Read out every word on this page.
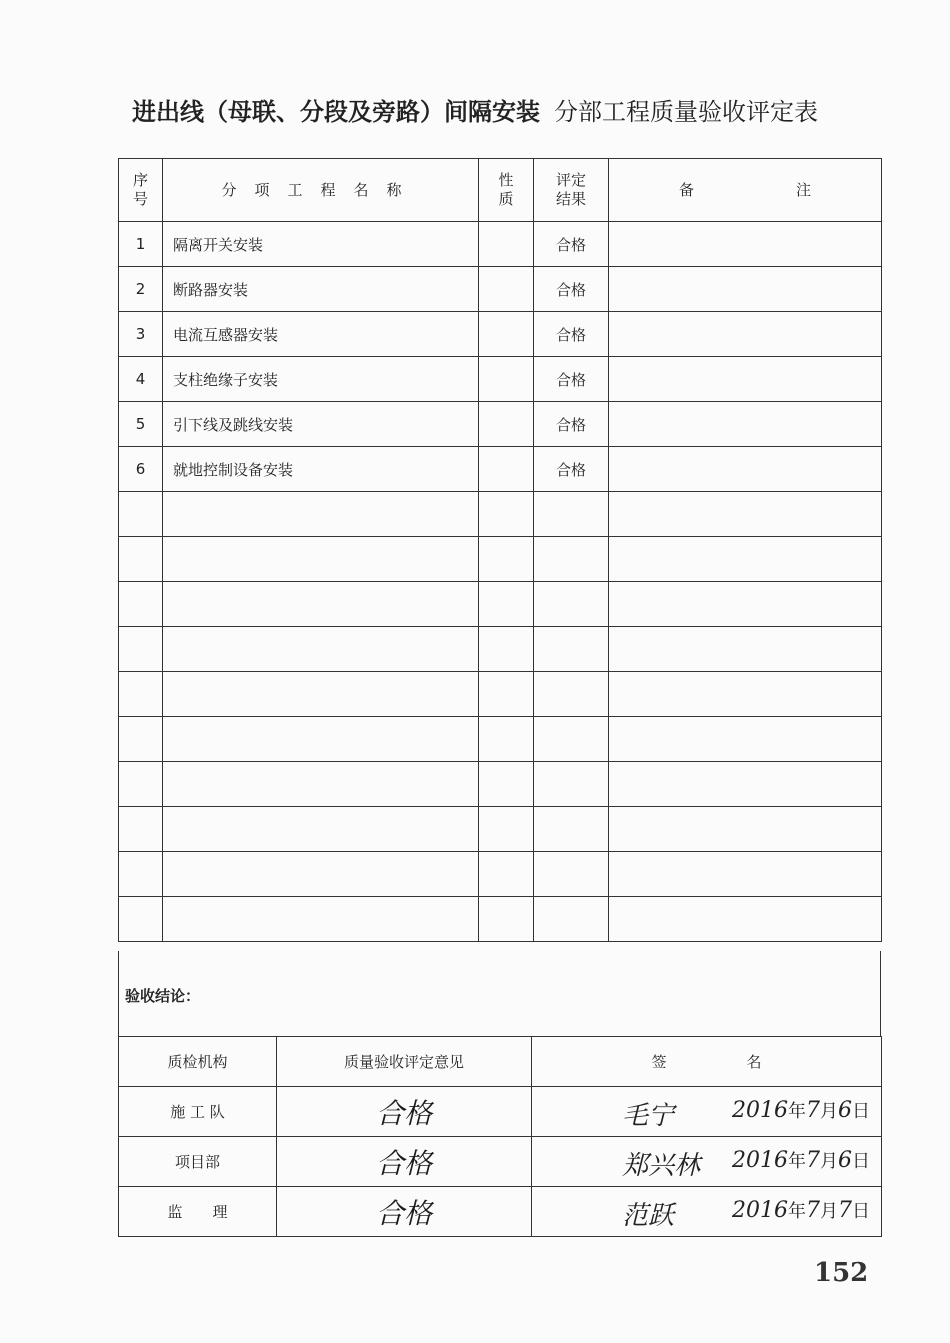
进出线（母联、分段及旁路）间隔安装 分部工程质量验收评定表
序号	分项工程名称	性质	评定结果	备 注

1	隔离开关安装		合格	
2	断路器安装		合格	
3	电流互感器安装		合格	
4	支柱绝缘子安装		合格	
5	引下线及跳线安装		合格	
6	就地控制设备安装		合格	

验收结论：
质检机构	质量验收评定意见	签 名
施 工 队	合格	毛宁 2016年7月6日

项目部	合格	郑兴林 2016年7月6日

监　　理	合格	范跃 2016年7月7日
152
